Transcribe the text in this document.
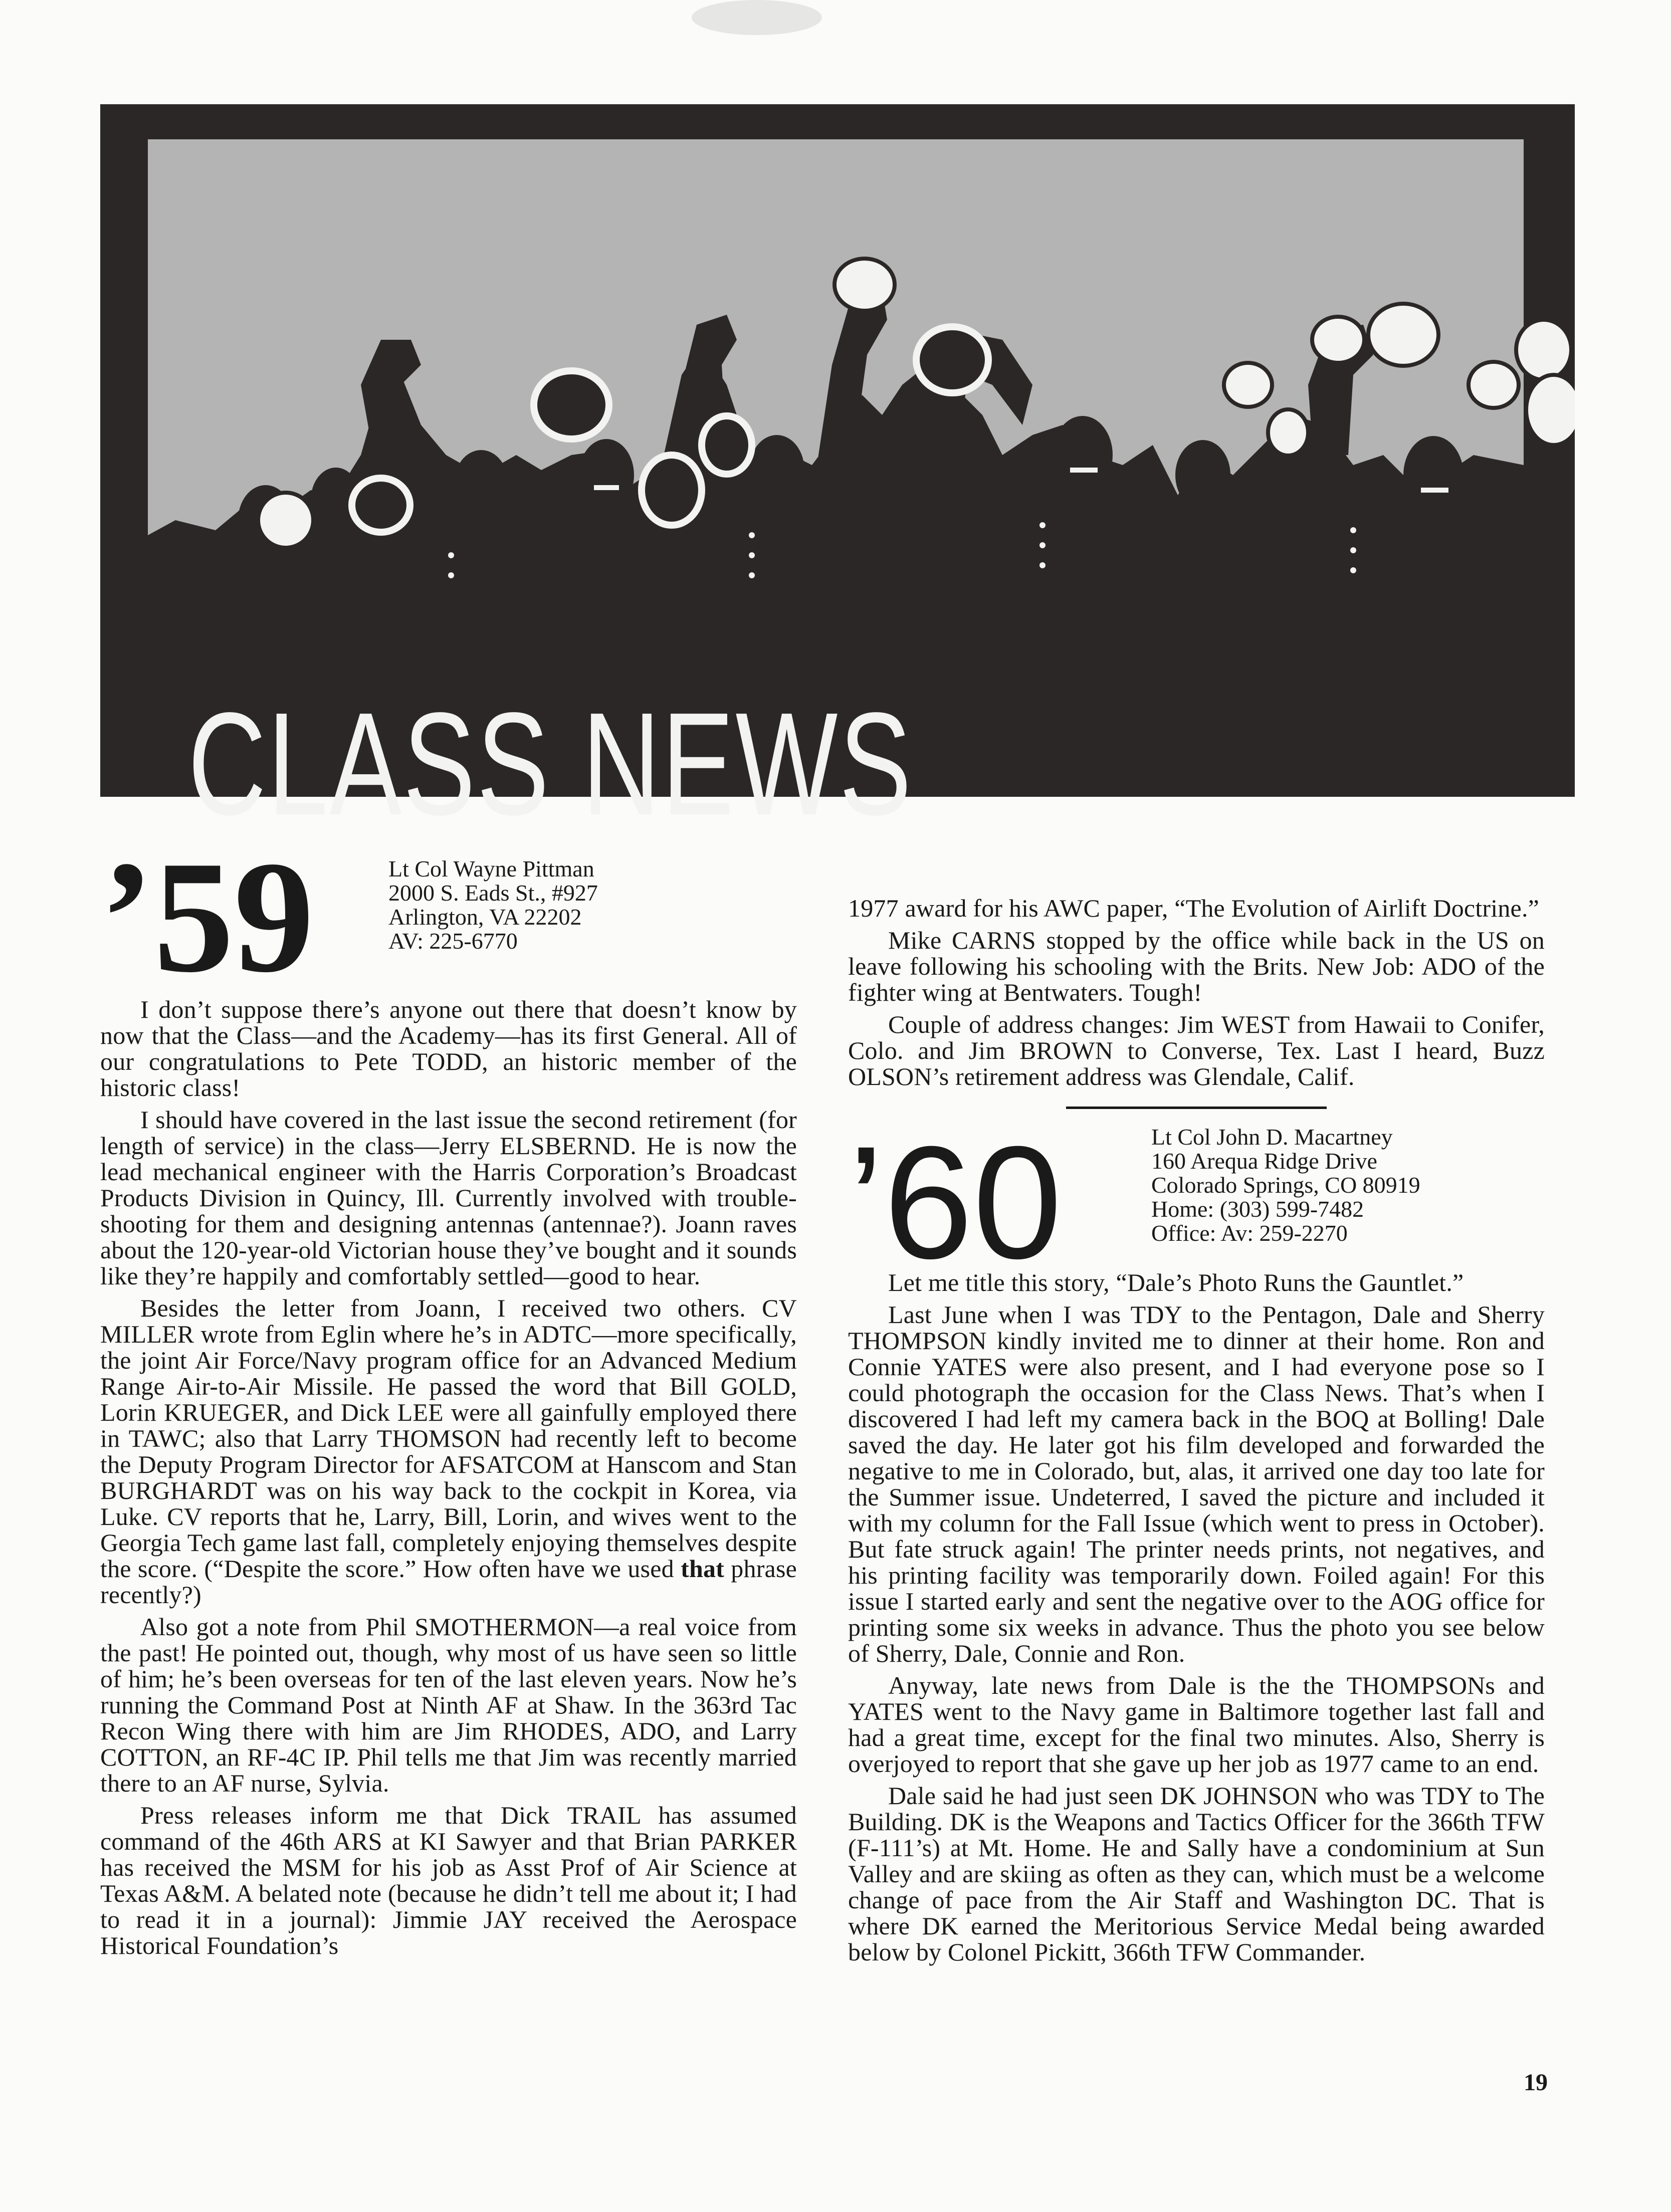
CLASS NEWS
’59	Lt Col Wayne Pittman
2000 S. Eads St., #927
Arlington, VA 22202
AV: 225-6770

I don’t suppose there’s anyone out there that doesn’t know by now that the Class—and the Academy—has its first General. All of our congratulations to Pete TODD, an historic member of the historic class!

I should have covered in the last issue the second retirement (for length of service) in the class—Jerry ELSBERND. He is now the lead mechanical engineer with the Harris Corporation’s Broadcast Products Division in Quincy, Ill. Currently involved with trouble-shooting for them and designing antennas (antennae?). Joann raves about the 120-year-old Victorian house they’ve bought and it sounds like they’re happily and comfortably settled—good to hear.

Besides the letter from Joann, I received two others. CV MILLER wrote from Eglin where he’s in ADTC—more specifically, the joint Air Force/Navy program office for an Advanced Medium Range Air-to-Air Missile. He passed the word that Bill GOLD, Lorin KRUEGER, and Dick LEE were all gainfully employed there in TAWC; also that Larry THOMSON had recently left to become the Deputy Program Director for AFSATCOM at Hanscom and Stan BURGHARDT was on his way back to the cockpit in Korea, via Luke. CV reports that he, Larry, Bill, Lorin, and wives went to the Georgia Tech game last fall, completely enjoying themselves despite the score. (“Despite the score.” How often have we used that phrase recently?)

Also got a note from Phil SMOTHERMON—a real voice from the past! He pointed out, though, why most of us have seen so little of him; he’s been overseas for ten of the last eleven years. Now he’s running the Command Post at Ninth AF at Shaw. In the 363rd Tac Recon Wing there with him are Jim RHODES, ADO, and Larry COTTON, an RF-4C IP. Phil tells me that Jim was recently married there to an AF nurse, Sylvia.

Press releases inform me that Dick TRAIL has assumed command of the 46th ARS at KI Sawyer and that Brian PARKER has received the MSM for his job as Asst Prof of Air Science at Texas A&M. A belated note (because he didn’t tell me about it; I had to read it in a journal): Jimmie JAY received the Aerospace Historical Foundation’s

1977 award for his AWC paper, “The Evolution of Airlift Doctrine.”

Mike CARNS stopped by the office while back in the US on leave following his schooling with the Brits. New Job: ADO of the fighter wing at Bentwaters. Tough!

Couple of address changes: Jim WEST from Hawaii to Conifer, Colo. and Jim BROWN to Converse, Tex. Last I heard, Buzz OLSON’s retirement address was Glendale, Calif.

’60	Lt Col John D. Macartney
160 Arequa Ridge Drive
Colorado Springs, CO 80919
Home: (303) 599-7482
Office: Av: 259-2270

Let me title this story, “Dale’s Photo Runs the Gauntlet.”

Last June when I was TDY to the Pentagon, Dale and Sherry THOMPSON kindly invited me to dinner at their home. Ron and Connie YATES were also present, and I had everyone pose so I could photograph the occasion for the Class News. That’s when I discovered I had left my camera back in the BOQ at Bolling! Dale saved the day. He later got his film developed and forwarded the negative to me in Colorado, but, alas, it arrived one day too late for the Summer issue. Undeterred, I saved the picture and included it with my column for the Fall Issue (which went to press in October). But fate struck again! The printer needs prints, not negatives, and his printing facility was temporarily down. Foiled again! For this issue I started early and sent the negative over to the AOG office for printing some six weeks in advance. Thus the photo you see below of Sherry, Dale, Connie and Ron.

Anyway, late news from Dale is the the THOMPSONs and YATES went to the Navy game in Baltimore together last fall and had a great time, except for the final two minutes. Also, Sherry is overjoyed to report that she gave up her job as 1977 came to an end.

Dale said he had just seen DK JOHNSON who was TDY to The Building. DK is the Weapons and Tactics Officer for the 366th TFW (F-111’s) at Mt. Home. He and Sally have a condominium at Sun Valley and are skiing as often as they can, which must be a welcome change of pace from the Air Staff and Washington DC. That is where DK earned the Meritorious Service Medal being awarded below by Colonel Pickitt, 366th TFW Commander.

19
